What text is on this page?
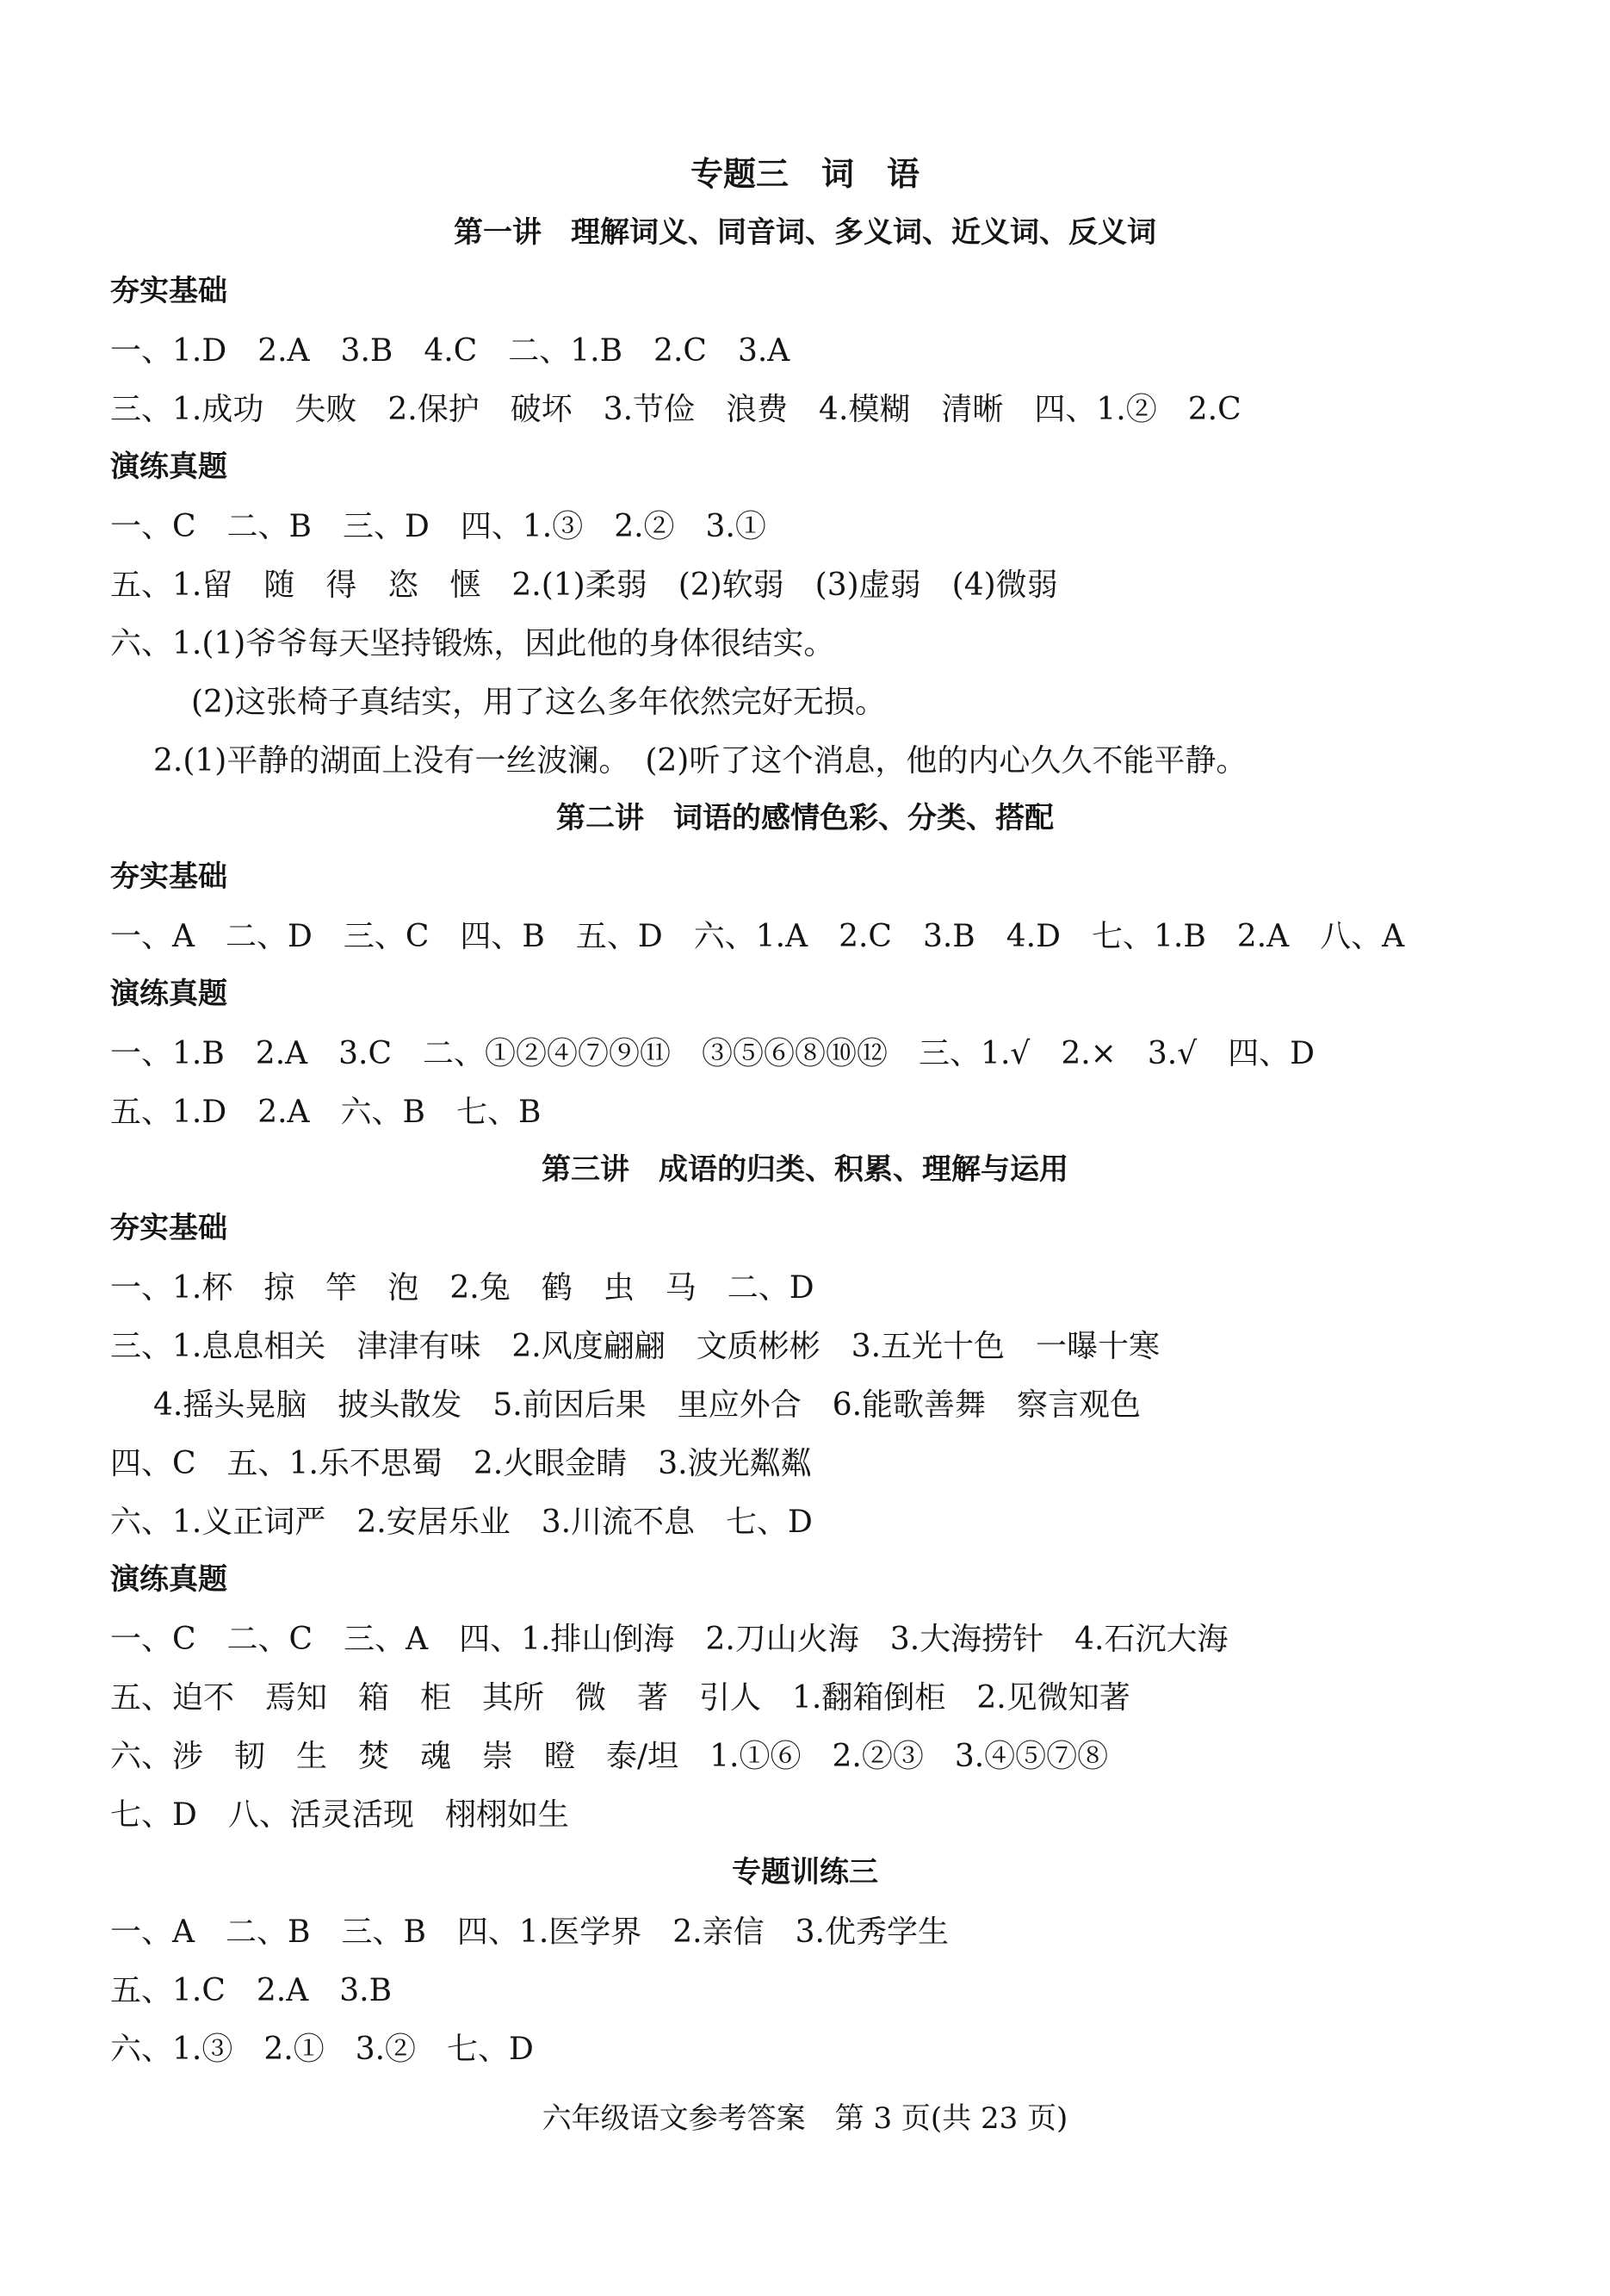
专题三　词　语
第一讲　理解词义、同音词、多义词、近义词、反义词
夯实基础
一、1.D　2.A　3.B　4.C　二、1.B　2.C　3.A
三、1.成功　失败　2.保护　破坏　3.节俭　浪费　4.模糊　清晰　四、1.②　2.C
演练真题
一、C　二、B　三、D　四、1.③　2.②　3.①
五、1.留　随　得　恣　惬　2.(1)柔弱　(2)软弱　(3)虚弱　(4)微弱
六、1.(1)爷爷每天坚持锻炼，因此他的身体很结实。
(2)这张椅子真结实，用了这么多年依然完好无损。
2.(1)平静的湖面上没有一丝波澜。　(2)听了这个消息，他的内心久久不能平静。
第二讲　词语的感情色彩、分类、搭配
夯实基础
一、A　二、D　三、C　四、B　五、D　六、1.A　2.C　3.B　4.D　七、1.B　2.A　八、A
演练真题
一、1.B　2.A　3.C　二、①②④⑦⑨⑪　③⑤⑥⑧⑩⑫　三、1.√　2.×　3.√　四、D
五、1.D　2.A　六、B　七、B
第三讲　成语的归类、积累、理解与运用
夯实基础
一、1.杯　掠　竿　泡　2.兔　鹤　虫　马　二、D
三、1.息息相关　津津有味　2.风度翩翩　文质彬彬　3.五光十色　一曝十寒
4.摇头晃脑　披头散发　5.前因后果　里应外合　6.能歌善舞　察言观色
四、C　五、1.乐不思蜀　2.火眼金睛　3.波光粼粼
六、1.义正词严　2.安居乐业　3.川流不息　七、D
演练真题
一、C　二、C　三、A　四、1.排山倒海　2.刀山火海　3.大海捞针　4.石沉大海
五、迫不　焉知　箱　柜　其所　微　著　引人　1.翻箱倒柜　2.见微知著
六、涉　韧　生　焚　魂　崇　瞪　泰/坦　1.①⑥　2.②③　3.④⑤⑦⑧
七、D　八、活灵活现　栩栩如生
专题训练三
一、A　二、B　三、B　四、1.医学界　2.亲信　3.优秀学生
五、1.C　2.A　3.B
六、1.③　2.①　3.②　七、D
六年级语文参考答案　第 3 页(共 23 页)
